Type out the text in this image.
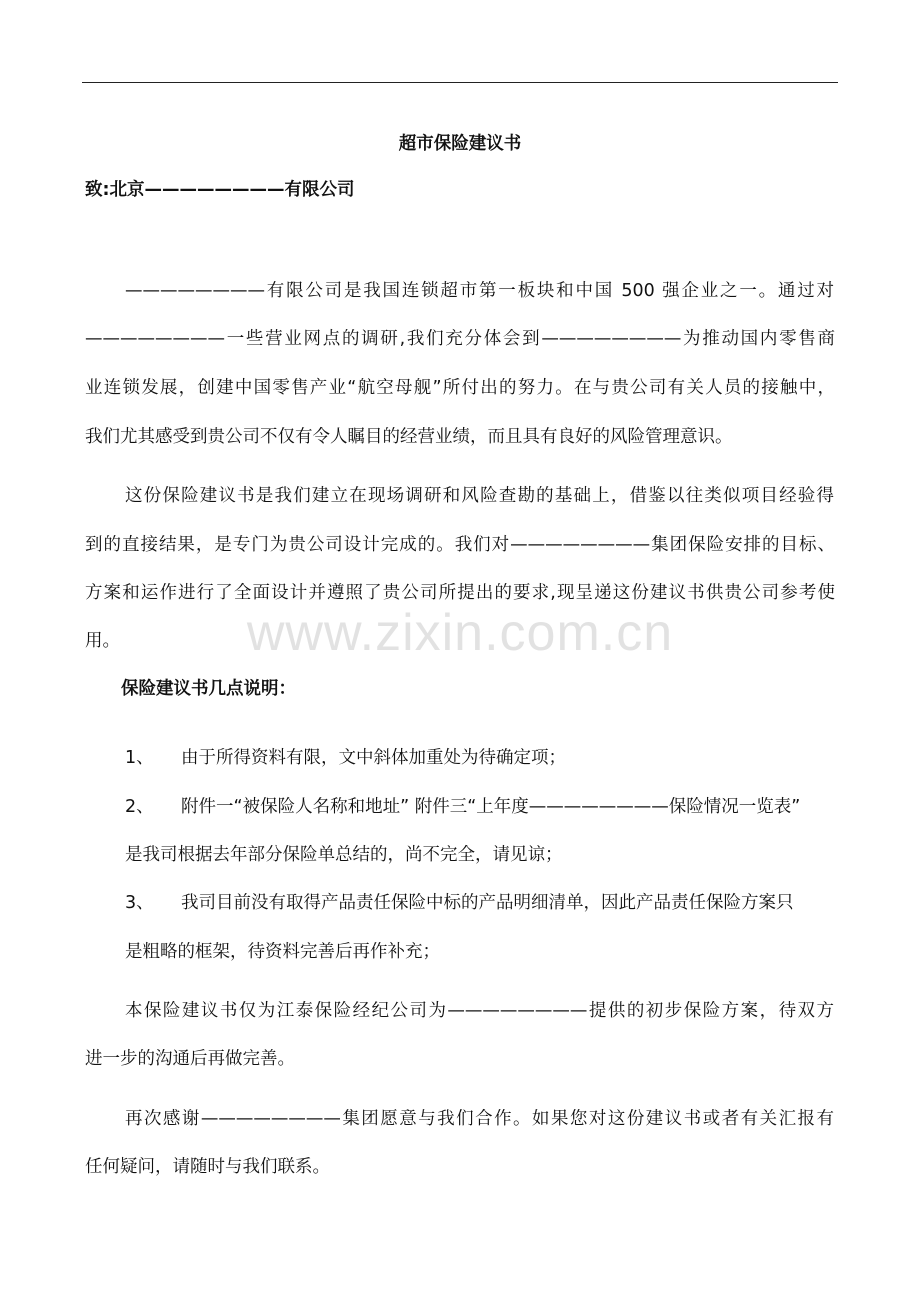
超市保险建议书
致:北京————————有限公司
————————有限公司是我国连锁超市第一板块和中国 500 强企业之一。通过对
————————一些营业网点的调研,我们充分体会到————————为推动国内零售商
业连锁发展，创建中国零售产业“航空母舰”所付出的努力。在与贵公司有关人员的接触中，
我们尤其感受到贵公司不仅有令人瞩目的经营业绩，而且具有良好的风险管理意识。
这份保险建议书是我们建立在现场调研和风险查勘的基础上，借鉴以往类似项目经验得
到的直接结果，是专门为贵公司设计完成的。我们对————————集团保险安排的目标、
方案和运作进行了全面设计并遵照了贵公司所提出的要求,现呈递这份建议书供贵公司参考使
用。	www.zixin.com.cn
保险建议书几点说明：
1、 由于所得资料有限，文中斜体加重处为待确定项；
2、 附件一“被保险人名称和地址” 附件三“上年度————————保险情况一览表”
是我司根据去年部分保险单总结的，尚不完全，请见谅；
3、 我司目前没有取得产品责任保险中标的产品明细清单，因此产品责任保险方案只
是粗略的框架，待资料完善后再作补充；
本保险建议书仅为江泰保险经纪公司为————————提供的初步保险方案，待双方
进一步的沟通后再做完善。
再次感谢————————集团愿意与我们合作。如果您对这份建议书或者有关汇报有
任何疑问，请随时与我们联系。
